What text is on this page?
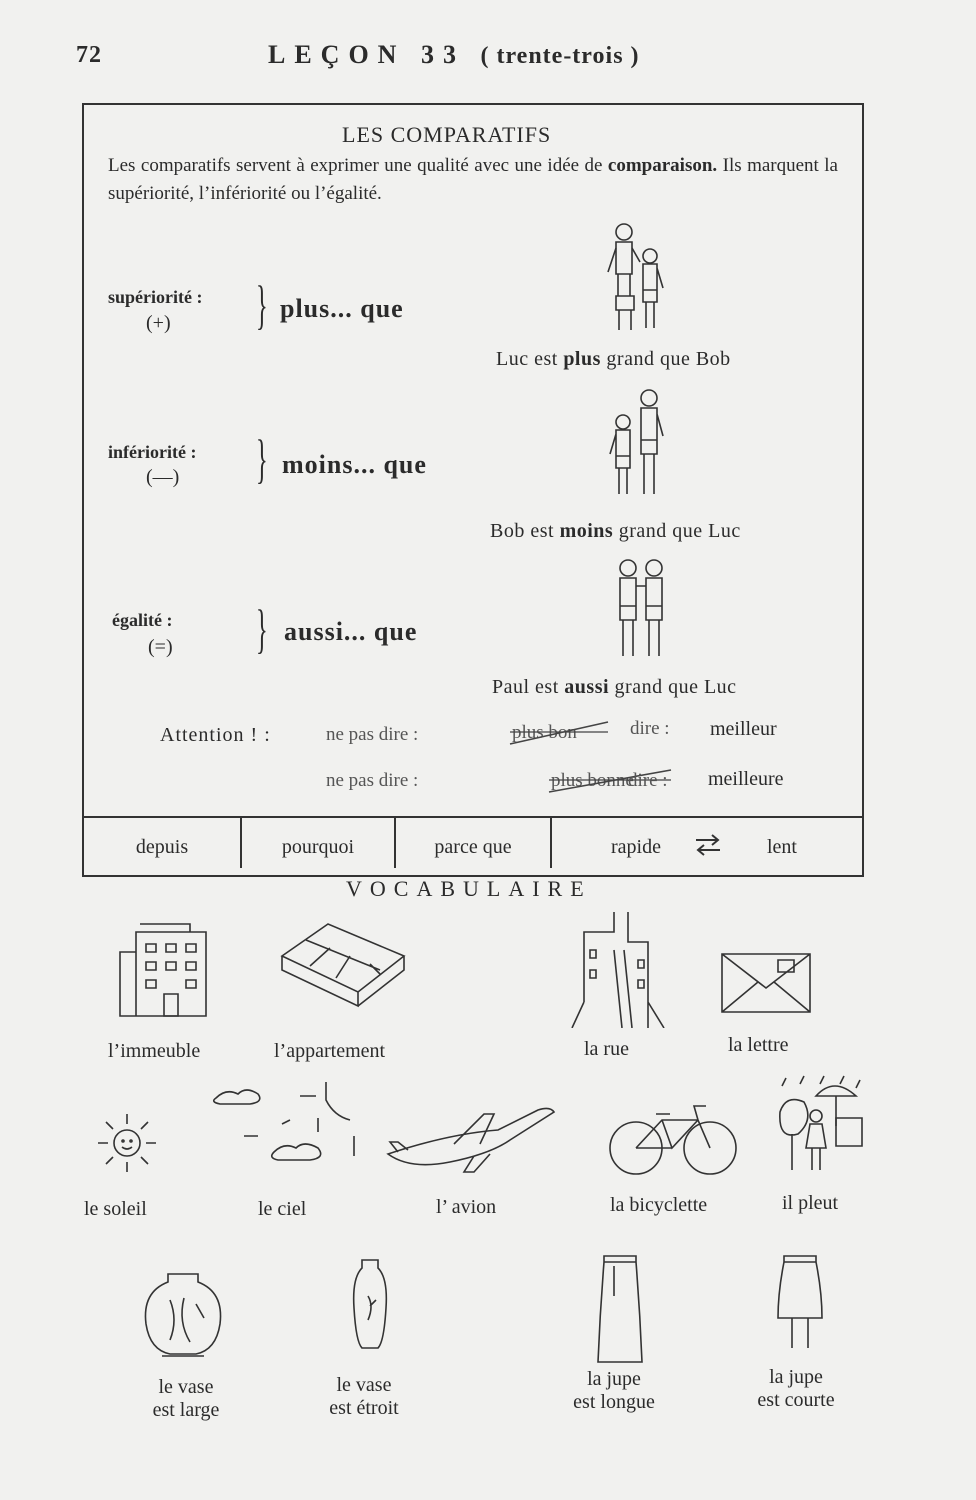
72	LEÇON 33 ( trente-trois )
LES COMPARATIFS
Les comparatifs servent à exprimer une qualité avec une idée de comparaison. Ils marquent la supériorité, l’infériorité ou l’égalité.
supériorité :
(+) } plus... que
Luc est plus grand que Bob
infériorité :
(—) } moins... que
Bob est moins grand que Luc
égalité :
(=) } aussi... que
Paul est aussi grand que Luc
Attention ! :	ne pas dire :	plus bon
	dire : meilleur
ne pas dire :	plus bonne
dire : meilleure
depuis	pourquoi	parce que	rapide	lent
VOCABULAIRE
l’immeuble	l’appartement	la rue	la lettre
le soleil	le ciel	l’ avion	la bicyclette	il pleut
le vase
est large
le vase
est étroit
la jupe
est longue
la jupe
est courte
